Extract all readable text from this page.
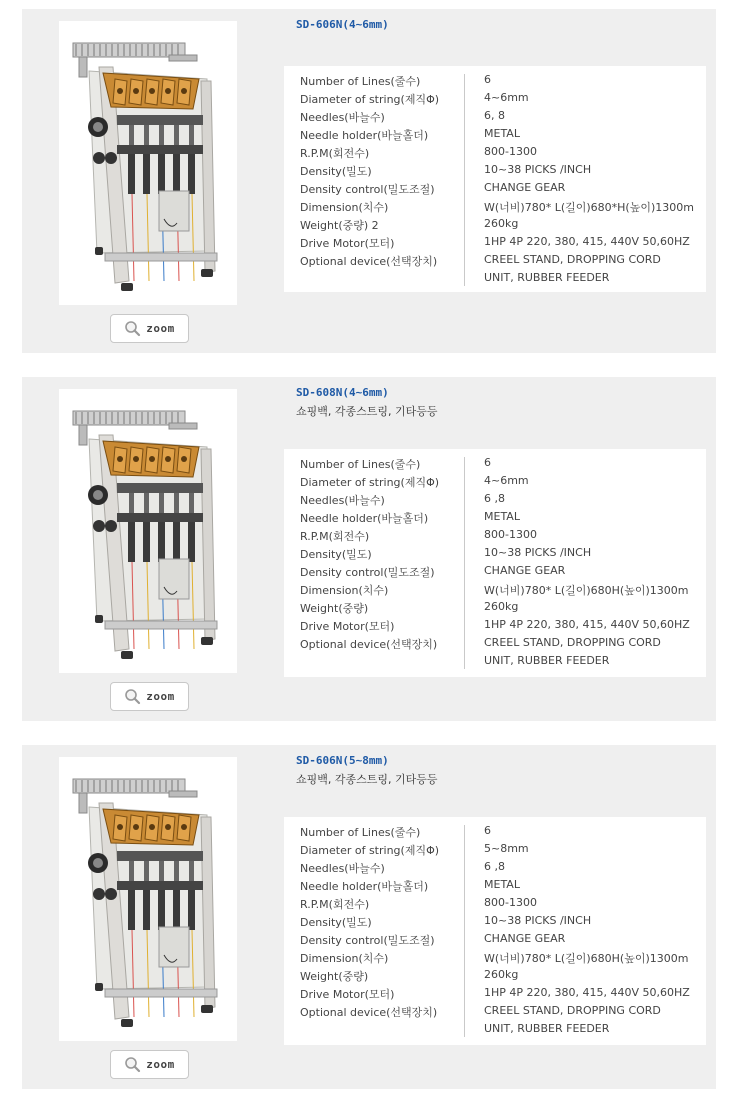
zoom
SD-606N(4~6mm)
Number of Lines(줄수)	6
Diameter of string(제직Φ)	4~6mm
Needles(바늘수)	6, 8
Needle holder(바늘홀더)	METAL
R.P.M(회전수)	800-1300
Density(밀도)	10~38 PICKS /INCH
Density control(밀도조절)	CHANGE GEAR
Dimension(치수)	W(너비)780* L(길이)680*H(높이)1300m
Weight(중량) 2	260kg
Drive Motor(모터)	1HP 4P 220, 380, 415, 440V 50,60HZ
Optional device(선택장치)	CREEL STAND, DROPPING CORD
UNIT, RUBBER FEEDER
zoom
SD-608N(4~6mm)
쇼핑백, 각종스트링, 기타등등
Number of Lines(줄수)	6
Diameter of string(제직Φ)	4~6mm
Needles(바늘수)	6 ,8
Needle holder(바늘홀더)	METAL
R.P.M(회전수)	800-1300
Density(밀도)	10~38 PICKS /INCH
Density control(밀도조절)	CHANGE GEAR
Dimension(치수)	W(너비)780* L(길이)680H(높이)1300m
Weight(중량)	260kg
Drive Motor(모터)	1HP 4P 220, 380, 415, 440V 50,60HZ
Optional device(선택장치)	CREEL STAND, DROPPING CORD
UNIT, RUBBER FEEDER
zoom
SD-606N(5~8mm)
쇼핑백, 각종스트링, 기타등등
Number of Lines(줄수)	6
Diameter of string(제직Φ)	5~8mm
Needles(바늘수)	6 ,8
Needle holder(바늘홀더)	METAL
R.P.M(회전수)	800-1300
Density(밀도)	10~38 PICKS /INCH
Density control(밀도조절)	CHANGE GEAR
Dimension(치수)	W(너비)780* L(길이)680H(높이)1300m
Weight(중량)	260kg
Drive Motor(모터)	1HP 4P 220, 380, 415, 440V 50,60HZ
Optional device(선택장치)	CREEL STAND, DROPPING CORD
UNIT, RUBBER FEEDER
